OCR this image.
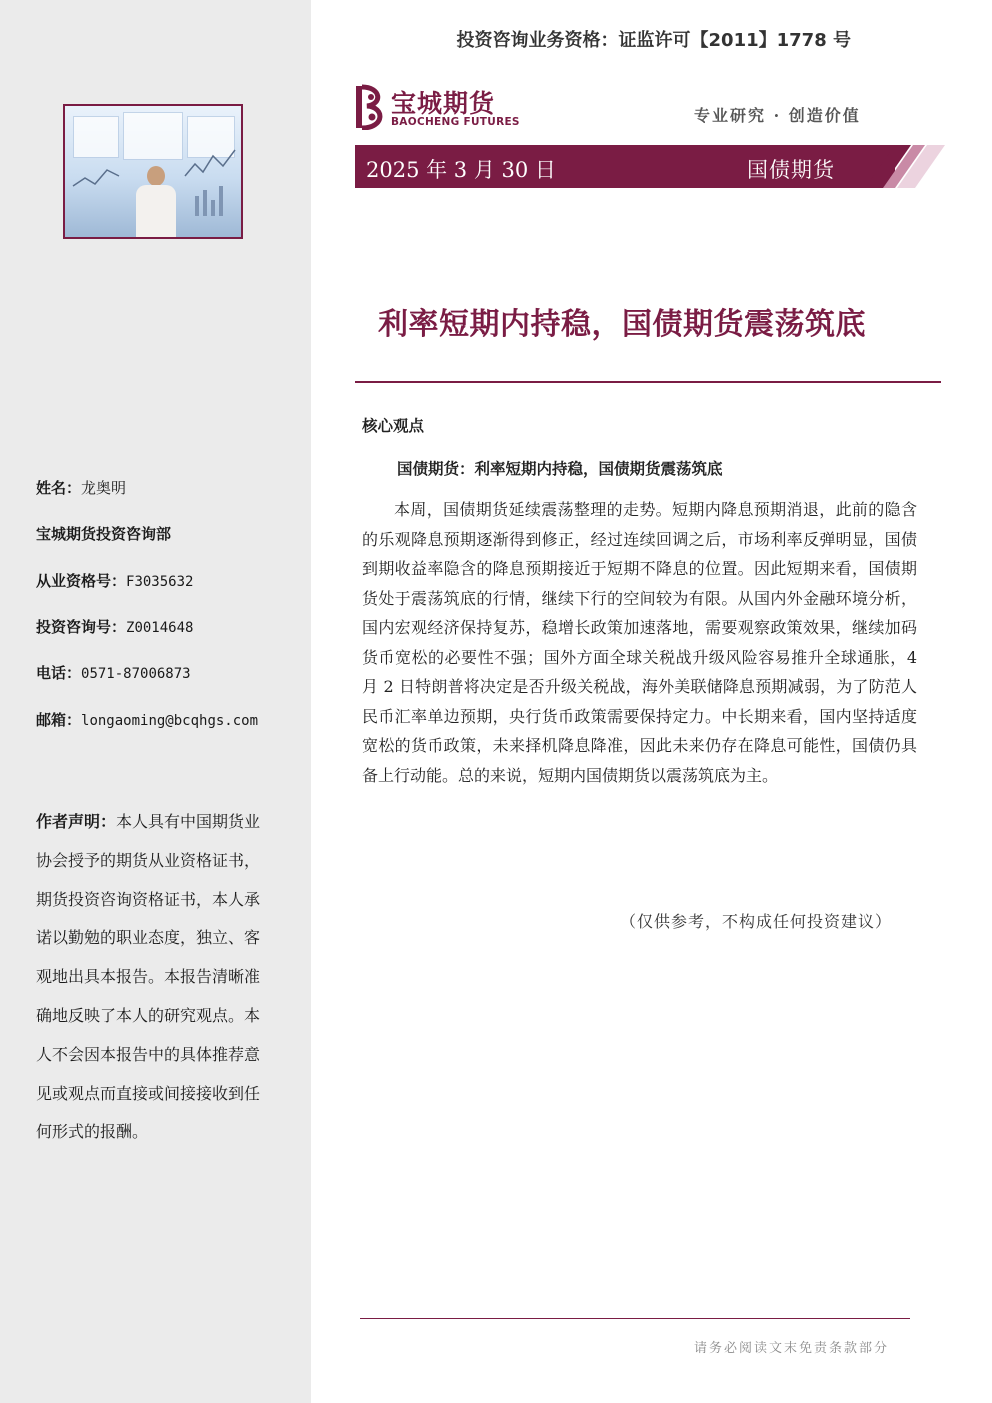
姓名：龙奥明
宝城期货投资咨询部
从业资格号：F3035632
投资咨询号：Z0014648
电话：0571-87006873
邮箱：longaoming@bcqhgs.com
作者声明：本人具有中国期货业协会授予的期货从业资格证书，期货投资咨询资格证书，本人承诺以勤勉的职业态度，独立、客观地出具本报告。本报告清晰准确地反映了本人的研究观点。本人不会因本报告中的具体推荐意见或观点而直接或间接接收到任何形式的报酬。
投资咨询业务资格：证监许可【2011】1778 号
宝城期货
BAOCHENG FUTURES	专业研究 · 创造价值
2025 年 3 月 30 日	国债期货
利率短期内持稳，国债期货震荡筑底
核心观点
国债期货：利率短期内持稳，国债期货震荡筑底
本周，国债期货延续震荡整理的走势。短期内降息预期消退，此前的隐含的乐观降息预期逐渐得到修正，经过连续回调之后，市场利率反弹明显，国债到期收益率隐含的降息预期接近于短期不降息的位置。因此短期来看，国债期货处于震荡筑底的行情，继续下行的空间较为有限。从国内外金融环境分析，国内宏观经济保持复苏，稳增长政策加速落地，需要观察政策效果，继续加码货币宽松的必要性不强；国外方面全球关税战升级风险容易推升全球通胀，4 月 2 日特朗普将决定是否升级关税战，海外美联储降息预期减弱，为了防范人民币汇率单边预期，央行货币政策需要保持定力。中长期来看，国内坚持适度宽松的货币政策，未来择机降息降准，因此未来仍存在降息可能性，国债仍具备上行动能。总的来说，短期内国债期货以震荡筑底为主。
（仅供参考，不构成任何投资建议）
请务必阅读文末免责条款部分
